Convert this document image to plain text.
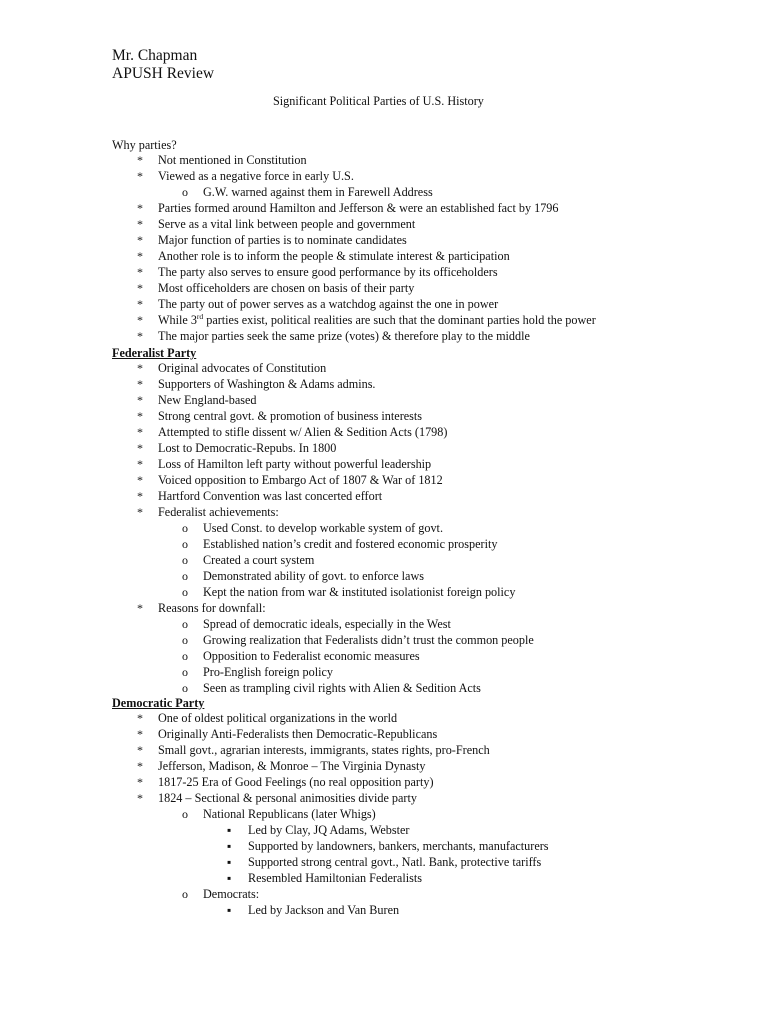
Mr. Chapman
APUSH Review
Significant Political Parties of U.S. History
Why parties?
* Not mentioned in Constitution
* Viewed as a negative force in early U.S.
o G.W. warned against them in Farewell Address
* Parties formed around Hamilton and Jefferson & were an established fact by 1796
* Serve as a vital link between people and government
* Major function of parties is to nominate candidates
* Another role is to inform the people & stimulate interest & participation
* The party also serves to ensure good performance by its officeholders
* Most officeholders are chosen on basis of their party
* The party out of power serves as a watchdog against the one in power
* While 3rd parties exist, political realities are such that the dominant parties hold the power
* The major parties seek the same prize (votes) & therefore play to the middle
Federalist Party
* Original advocates of Constitution
* Supporters of Washington & Adams admins.
* New England-based
* Strong central govt. & promotion of business interests
* Attempted to stifle dissent w/ Alien & Sedition Acts (1798)
* Lost to Democratic-Repubs. In 1800
* Loss of Hamilton left party without powerful leadership
* Voiced opposition to Embargo Act of 1807 & War of 1812
* Hartford Convention was last concerted effort
* Federalist achievements:
o Used Const. to develop workable system of govt.
o Established nation’s credit and fostered economic prosperity
o Created a court system
o Demonstrated ability of govt. to enforce laws
o Kept the nation from war & instituted isolationist foreign policy
* Reasons for downfall:
o Spread of democratic ideals, especially in the West
o Growing realization that Federalists didn’t trust the common people
o Opposition to Federalist economic measures
o Pro-English foreign policy
o Seen as trampling civil rights with Alien & Sedition Acts
Democratic Party
* One of oldest political organizations in the world
* Originally Anti-Federalists then Democratic-Republicans
* Small govt., agrarian interests, immigrants, states rights, pro-French
* Jefferson, Madison, & Monroe – The Virginia Dynasty
* 1817-25 Era of Good Feelings (no real opposition party)
* 1824 – Sectional & personal animosities divide party
o National Republicans (later Whigs)
▪ Led by Clay, JQ Adams, Webster
▪ Supported by landowners, bankers, merchants, manufacturers
▪ Supported strong central govt., Natl. Bank, protective tariffs
▪ Resembled Hamiltonian Federalists
o Democrats:
▪ Led by Jackson and Van Buren
